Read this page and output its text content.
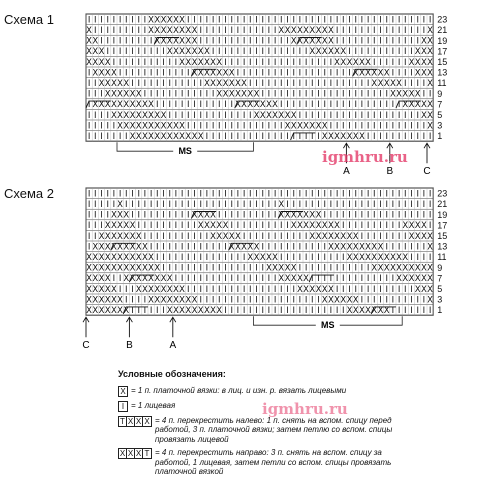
Схема 1	I I I I I I I I I I X X X X X X I I I I I I I I I I I I I I I I I I I I I I I I I I I I I I I I I I I I I I I I
X I I I I I I I I I X X X X X X X X I I I I I I I I I I I I I X X X X X X X X X I I I I I I I I I I I I I I I X
X X I I I I I I I I I X X X X X X X I I I I I I I I I I I I I I I X X X X X X X I I I I I I I I I I I I I I X X
X X X I I I I I I I I I I X X X X X X X I I I I I I I I I I I I I I I I X X X X X X I I I I I I I I I I I X X X
X X X X I I I I I I I I I I I X X X X X X X I I I I I I I I I I I I I I I I I I X X X X X X I I I I I I X X X X
I X X X X I I I I I I I I I I I I X X X X X X X I I I I I I I I I I I I I I I I I I I X X X X X X I I I I X X X
I I X X X X X I I I I I I I I I I I I X X X X X X X I I I I I I I I I I I I I I I I I I I I X X X X X I I I I X
I I I X X X X X X I I I I I I I I I I I I X X X X X X X I I I I I I I I I I I I I I I I I I I I I X X X X X I I
I X X X X X X X X X X I I I I I I I I I I I I I X X X X X X X I I I I I I I I I I I I I I I I I I I I X X X X X
I I I I X X X X X X X X X I I I I I I I I I I I I I I X X X X X X X I I I I I I I I I I I I I I I I I I I I X X
I I I I I X X X X X X X X X X X I I I I I I I I I I I I I I I I X X X X X X X I I I I I I I I I I I I I I I I X
I I I I I I I X X X X X X X X X X X X I I I I I I I I I I I I I I I I I I I X X X X X X X I I I I I I I I I I I
23
21
19
17
15
13
11
9
7
5
3
1
MS
A	B	C
Схема 2	I I I I I I I I I I I I I I I I I I I I I I I I I I I I I I I I I I I I I I I I I I I I I I I I I I I I I I I I
I I I I I X I I I I I I I I I I I I I I I I I I I I I I I I I X I I I I I I I I I I I I I I I I I I I I I I I I
I I I I X X X I I I I I I I I I I X X X X I I I I I I I I I I X X X X X X X I I I I I I I I I I I I I I I I I I
I I I X X X X X I I I I I I I I I I X X X X X I I I I I I I I I I X X X X X X X X I I I I I I I I I I X X X X I
I I X X X X X X X I I I I I I I I I I I X X X X X I I I I I I I I I I I X X X X X X X X I I I I I I I I X X X X
I X X X X X X X X X I I I I I I I I I I I I I X X X X X I I I I I I I I I I I X X X X X X X X X I I I I I I I X
X X X X X X X X X X X I I I I I I I I I I I I I I I X X X X X I I I I I I I I I I I X X X X X X X X X X I I I I
X X X X X X X X X X X X I I I I I I I I I I I I I I I I I X X X X X I I I I I I I I I I I I X X X X X X X X X X
X X X X I I X X X X X X X X I I I I I I I I I I I I I I I I I X X X X X I I I I I I I I I I I I I I X X X X X X
X X X X X I I I X X X X X X X X I I I I I I I I I I I I I I I I I I X X X X X X I I I I I I I I I I I I I X X X
X X X X X X I I I I X X X X X X X X I I I I I I I I I I I I I I I I I I I I X X X X X X I I I I I I I I I I I X
X X X X X X X I I I I I I X X X X X X X X X I I I I I I I I I I I I I I I I I I I I X X X X X X X I I I I I I I
23
21
19
17
15
13
11
9
7
5
3
1
MS
C	B	A
igmhru.ru
igmhru.ru
Условные обозначения:
X = 1 п. платочной вязки: в лиц. и изн. р. вязать лицевыми
I = 1 лицевая
T X X X = 4 п. перекрестить налево: 1 п. снять на вспом. спицу перед работой, 3 п. платочной вязки; затем петлю со вспом. спицы провязать лицевой
X X X T = 4 п. перекрестить направо: 3 п. снять на вспом. спицу за работой, 1 лицевая, затем петли со вспом. спицы провязать платочной вязкой
